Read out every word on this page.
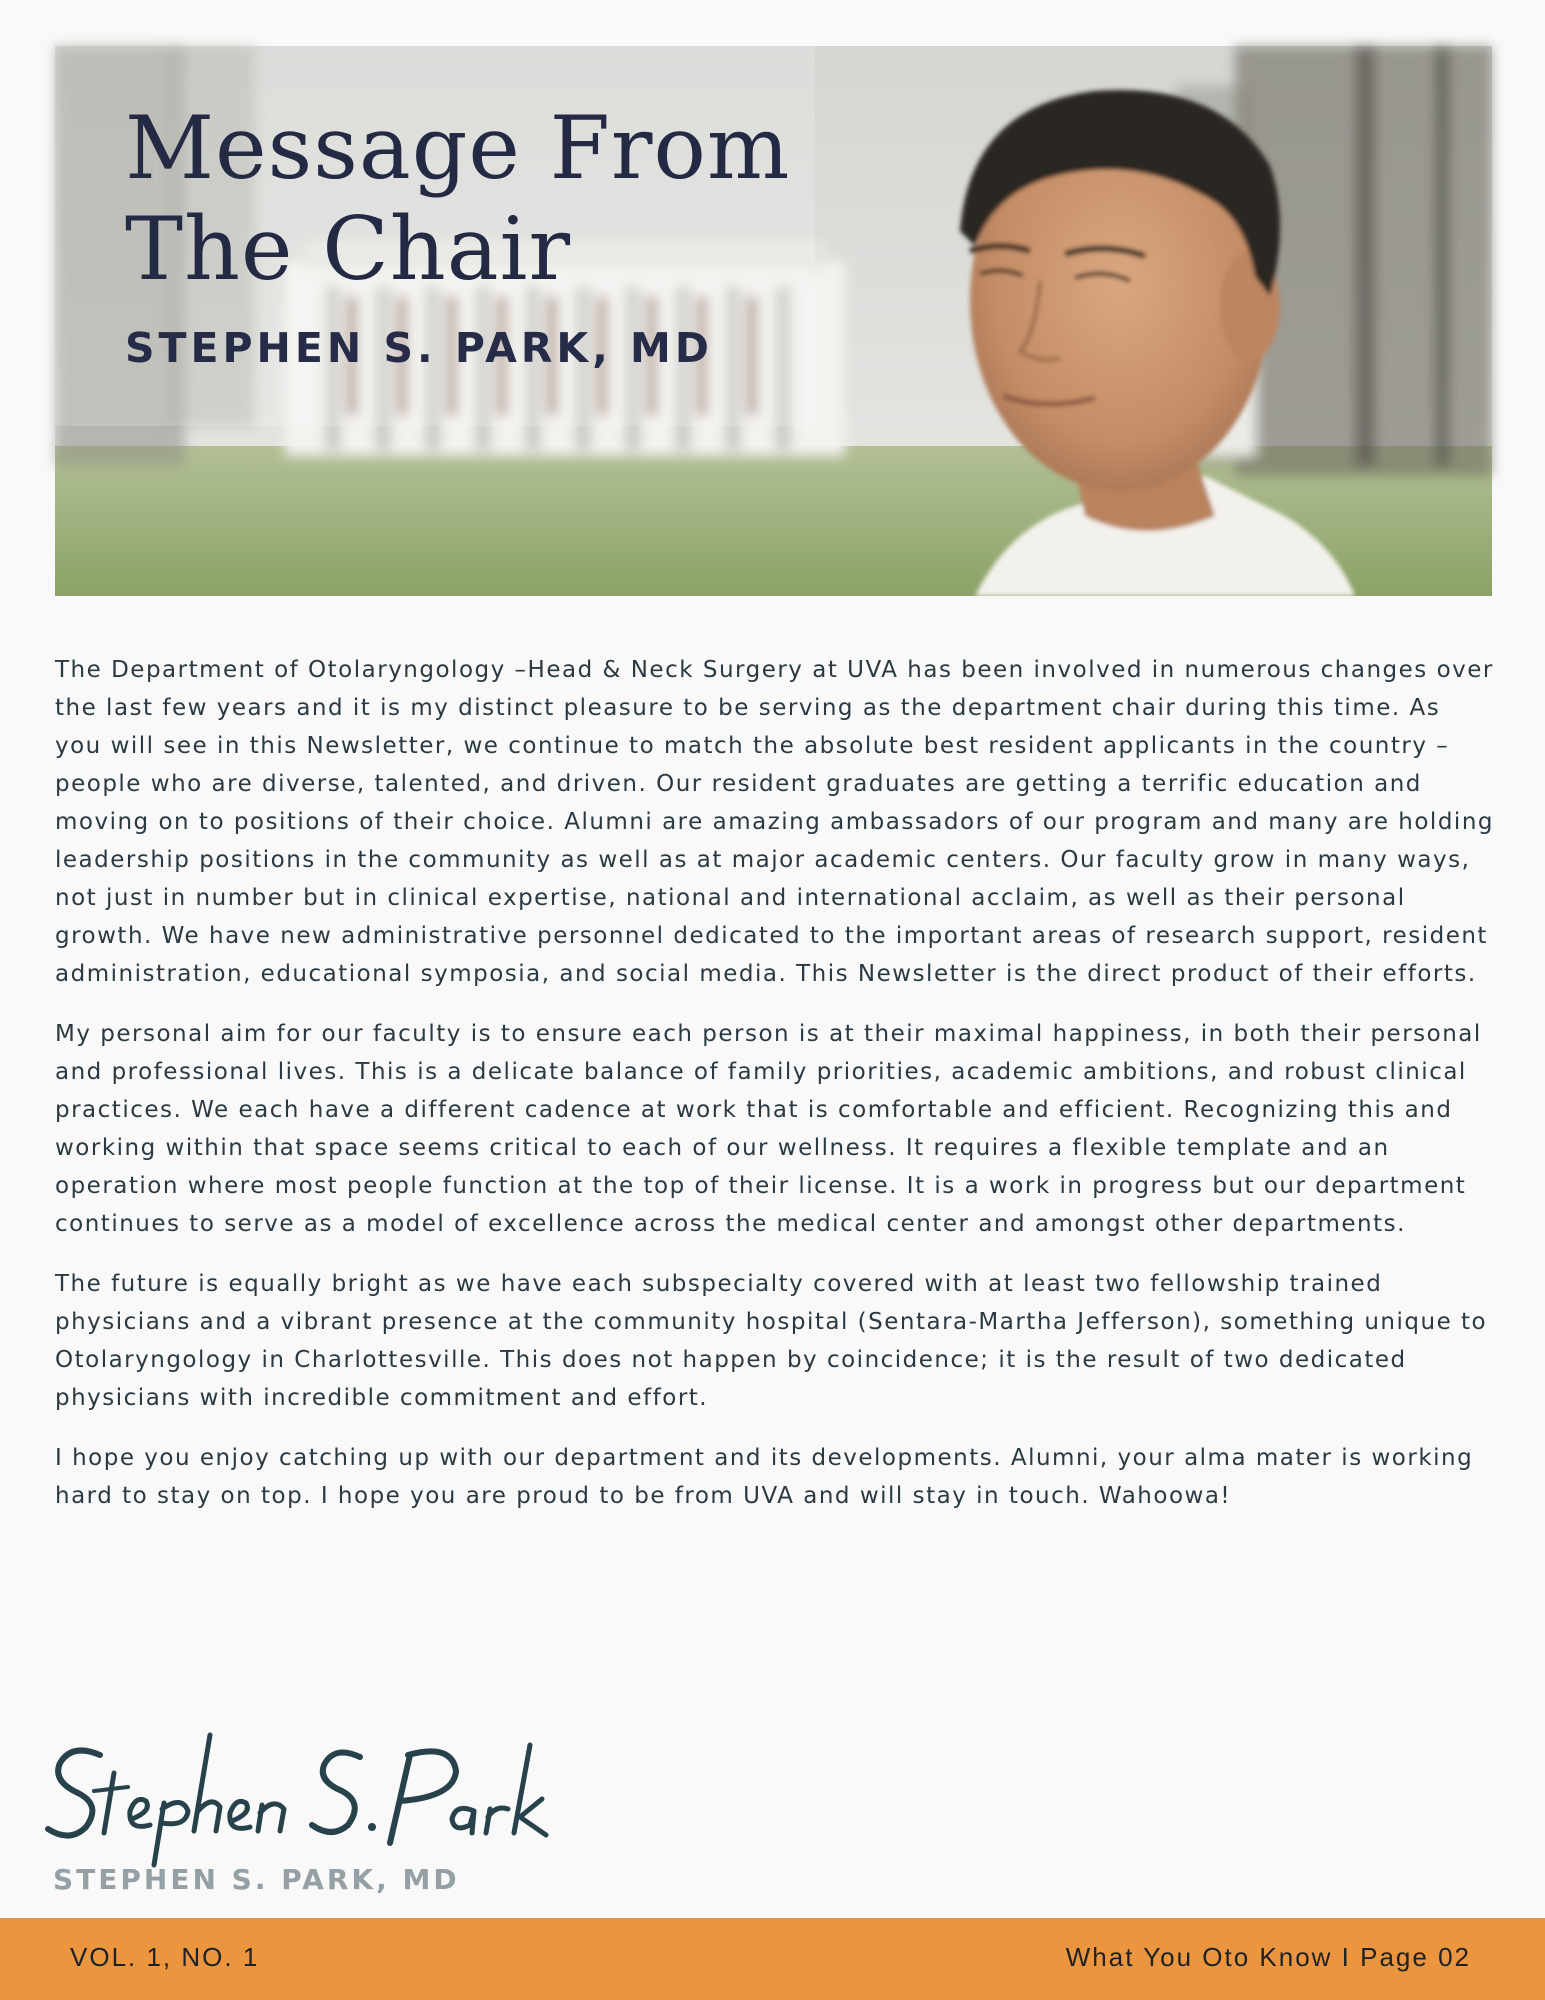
Message From
The Chair
STEPHEN S. PARK, MD

The Department of Otolaryngology –Head & Neck Surgery at UVA has been involved in numerous changes over the last few years and it is my distinct pleasure to be serving as the department chair during this time. As you will see in this Newsletter, we continue to match the absolute best resident applicants in the country – people who are diverse, talented, and driven. Our resident graduates are getting a terrific education and moving on to positions of their choice. Alumni are amazing ambassadors of our program and many are holding leadership positions in the community as well as at major academic centers. Our faculty grow in many ways, not just in number but in clinical expertise, national and international acclaim, as well as their personal growth. We have new administrative personnel dedicated to the important areas of research support, resident administration, educational symposia, and social media. This Newsletter is the direct product of their efforts.

My personal aim for our faculty is to ensure each person is at their maximal happiness, in both their personal and professional lives. This is a delicate balance of family priorities, academic ambitions, and robust clinical practices. We each have a different cadence at work that is comfortable and efficient. Recognizing this and working within that space seems critical to each of our wellness. It requires a flexible template and an operation where most people function at the top of their license. It is a work in progress but our department continues to serve as a model of excellence across the medical center and amongst other departments.

The future is equally bright as we have each subspecialty covered with at least two fellowship trained physicians and a vibrant presence at the community hospital (Sentara-Martha Jefferson), something unique to Otolaryngology in Charlottesville. This does not happen by coincidence; it is the result of two dedicated physicians with incredible commitment and effort.

I hope you enjoy catching up with our department and its developments. Alumni, your alma mater is working hard to stay on top. I hope you are proud to be from UVA and will stay in touch. Wahoowa!

Stephen S. Park

STEPHEN S. PARK, MD

VOL. 1, NO. 1	What You Oto Know I Page 02
